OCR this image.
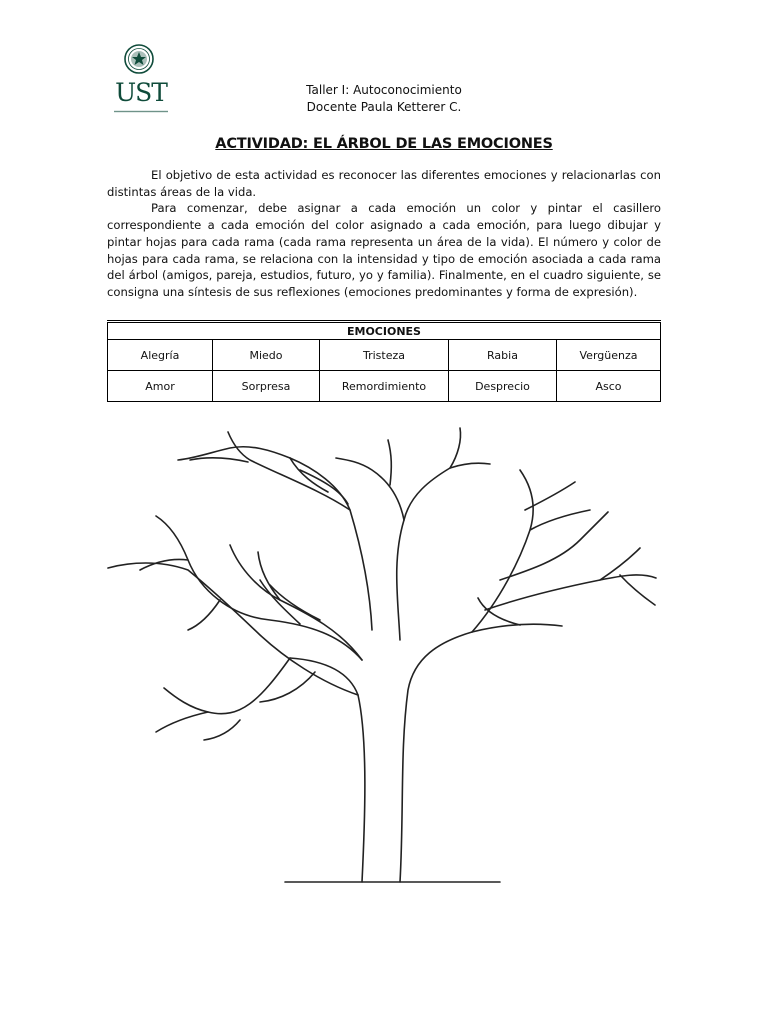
UST	Taller I: Autoconocimiento
Docente Paula Ketterer C.
ACTIVIDAD: EL ÁRBOL DE LAS EMOCIONES

El objetivo de esta actividad es reconocer las diferentes emociones y relacionarlas con distintas áreas de la vida.

Para comenzar, debe asignar a cada emoción un color y pintar el casillero correspondiente a cada emoción del color asignado a cada emoción, para luego dibujar y pintar hojas para cada rama (cada rama representa un área de la vida). El número y color de hojas para cada rama, se relaciona con la intensidad y tipo de emoción asociada a cada rama del árbol (amigos, pareja, estudios, futuro, yo y familia). Finalmente, en el cuadro siguiente, se consigna una síntesis de sus reflexiones (emociones predominantes y forma de expresión).

EMOCIONES				
Alegría	Miedo	Tristeza	Rabia	Vergüenza
Amor	Sorpresa	Remordimiento	Desprecio	Asco
